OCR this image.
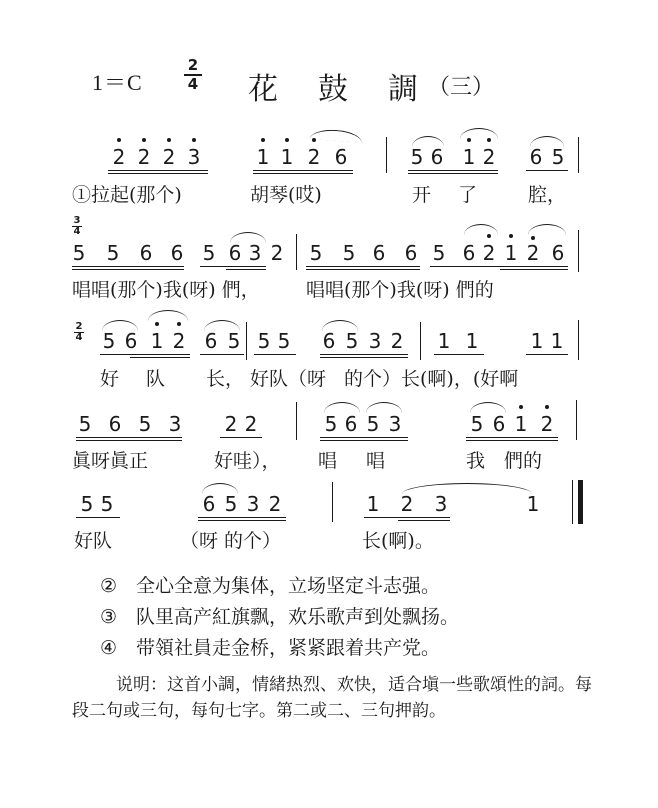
1＝C
2
4 花 鼓 調 （三）
2 2 2 3	1 1 2 6	5 6 1 2 6 5
①拉起(那个)	胡琴(哎)	开 了	腔，
3
4
5 5 6 6 5 6 3 2 5 5 6 6 5 6 2 1 2 6
唱唱(那个)我(呀) 們， 唱唱(那个)我(呀) 們的
2
4 5 6 1 2 6 5 5 5 6 5 3 2 1 1	1 1
好 队 长， 好队（呀 的个）长(啊)，(好啊
5 6 5 3 2 2	5 6 5 3	5 6 1 2
眞呀眞正	好哇）， 唱 唱	我 們的
5 5	6 5 3 2	1 2 3	1
好队	（呀 的个）	长(啊)。
② 全心全意为集体，立场坚定斗志强。
③ 队里高产紅旗飘，欢乐歌声到处飘扬。
④ 带領社員走金桥，紧紧跟着共产党。
说明：这首小調，情緒热烈、欢快，适合塡一些歌頌性的詞。每段二句或三句，每句七字。第二或二、三句押韵。
